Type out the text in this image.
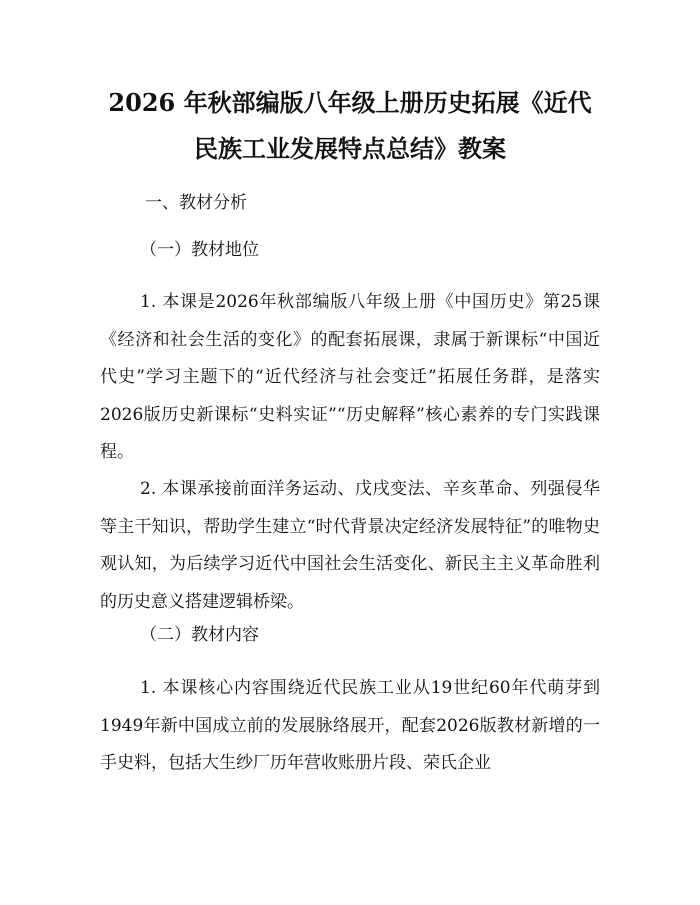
2026 年秋部编版八年级上册历史拓展《近代
民族工业发展特点总结》教案

一、教材分析

（一）教材地位

1. 本课是2026年秋部编版八年级上册《中国历史》第25课《经济和社会生活的变化》的配套拓展课，隶属于新课标“中国近代史”学习主题下的“近代经济与社会变迁”拓展任务群，是落实2026版历史新课标“史料实证”“历史解释”核心素养的专门实践课程。

2. 本课承接前面洋务运动、戊戌变法、辛亥革命、列强侵华等主干知识，帮助学生建立“时代背景决定经济发展特征”的唯物史观认知，为后续学习近代中国社会生活变化、新民主主义革命胜利的历史意义搭建逻辑桥梁。

（二）教材内容

1. 本课核心内容围绕近代民族工业从19世纪60年代萌芽到1949年新中国成立前的发展脉络展开，配套2026版教材新增的一手史料，包括大生纱厂历年营收账册片段、荣氏企业
